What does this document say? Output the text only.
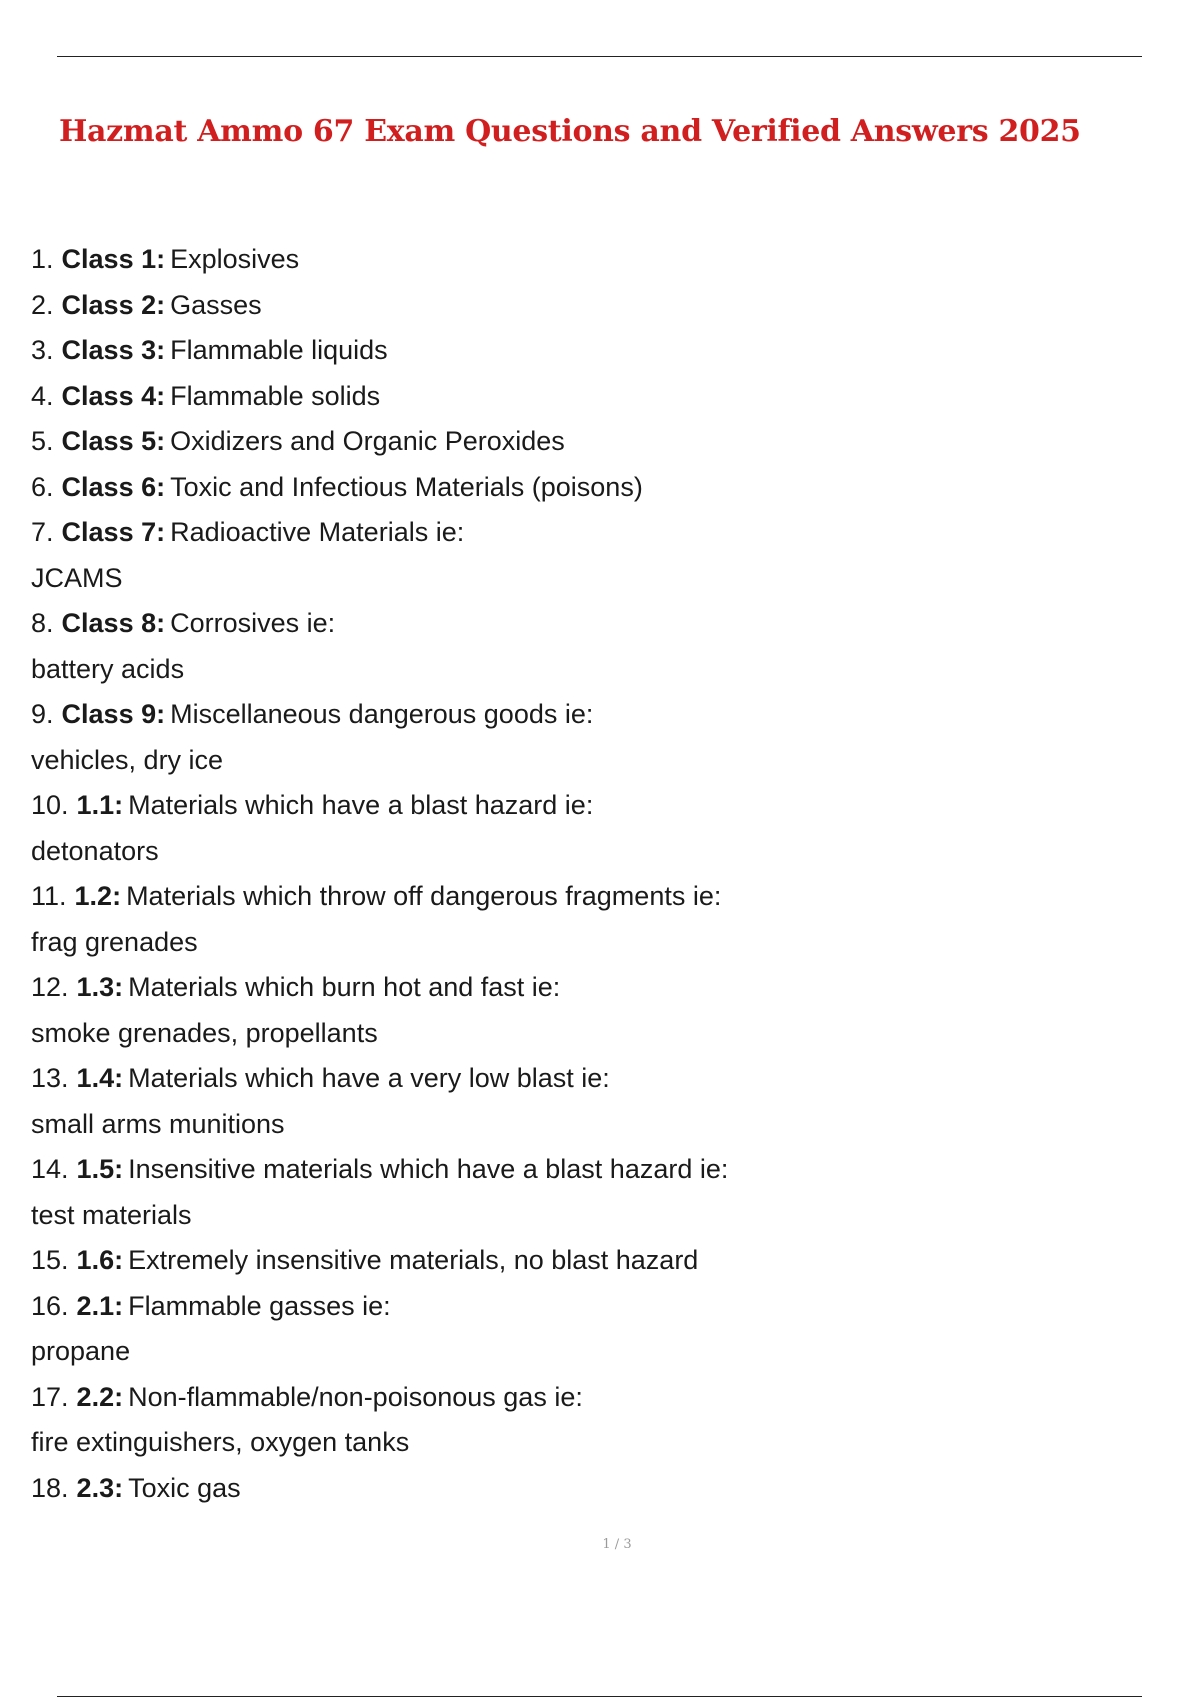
Hazmat Ammo 67 Exam Questions and Verified Answers 2025
1. Class 1: Explosives
2. Class 2: Gasses
3. Class 3: Flammable liquids
4. Class 4: Flammable solids
5. Class 5: Oxidizers and Organic Peroxides
6. Class 6: Toxic and Infectious Materials (poisons)
7. Class 7: Radioactive Materials ie:
JCAMS
8. Class 8: Corrosives ie:
battery acids
9. Class 9: Miscellaneous dangerous goods ie:
vehicles, dry ice
10. 1.1: Materials which have a blast hazard ie:
detonators
11. 1.2: Materials which throw off dangerous fragments ie:
frag grenades
12. 1.3: Materials which burn hot and fast ie:
smoke grenades, propellants
13. 1.4: Materials which have a very low blast ie:
small arms munitions
14. 1.5: Insensitive materials which have a blast hazard ie:
test materials
15. 1.6: Extremely insensitive materials, no blast hazard
16. 2.1: Flammable gasses ie:
propane
17. 2.2: Non-flammable/non-poisonous gas ie:
fire extinguishers, oxygen tanks
18. 2.3: Toxic gas
1 / 3
